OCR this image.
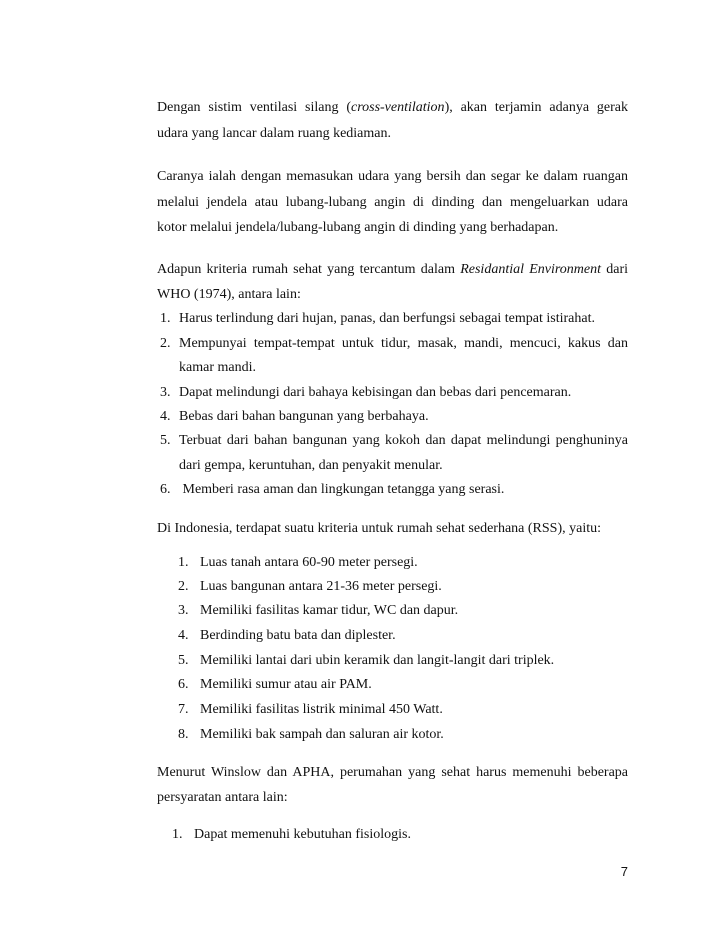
Dengan sistim ventilasi silang (cross-ventilation), akan terjamin adanya gerak
udara yang lancar dalam ruang kediaman.
Caranya ialah dengan memasukan udara yang bersih dan segar ke dalam ruangan
melalui jendela atau lubang-lubang angin di dinding dan mengeluarkan udara
kotor melalui jendela/lubang-lubang angin di dinding yang berhadapan.
Adapun kriteria rumah sehat yang tercantum dalam Residantial Environment dari
WHO (1974), antara lain:
1. Harus terlindung dari hujan, panas, dan berfungsi sebagai tempat istirahat.
2. Mempunyai tempat-tempat untuk tidur, masak, mandi, mencuci, kakus dan
kamar mandi.
3. Dapat melindungi dari bahaya kebisingan dan bebas dari pencemaran.
4. Bebas dari bahan bangunan yang berbahaya.
5. Terbuat dari bahan bangunan yang kokoh dan dapat melindungi penghuninya
dari gempa, keruntuhan, dan penyakit menular.
6. Memberi rasa aman dan lingkungan tetangga yang serasi.
Di Indonesia, terdapat suatu kriteria untuk rumah sehat sederhana (RSS), yaitu:
1. Luas tanah antara 60-90 meter persegi.
2. Luas bangunan antara 21-36 meter persegi.
3. Memiliki fasilitas kamar tidur, WC dan dapur.
4. Berdinding batu bata dan diplester.
5. Memiliki lantai dari ubin keramik dan langit-langit dari triplek.
6. Memiliki sumur atau air PAM.
7. Memiliki fasilitas listrik minimal 450 Watt.
8. Memiliki bak sampah dan saluran air kotor.
Menurut Winslow dan APHA, perumahan yang sehat harus memenuhi beberapa
persyaratan antara lain:
1. Dapat memenuhi kebutuhan fisiologis.
7
